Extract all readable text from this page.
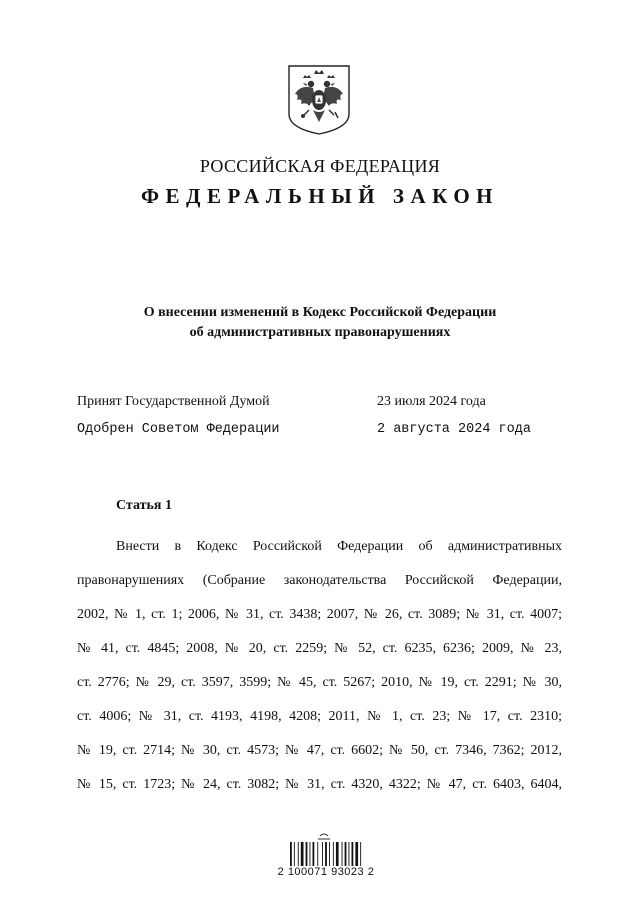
РОССИЙСКАЯ ФЕДЕРАЦИЯ
ФЕДЕРАЛЬНЫЙ ЗАКОН
О внесении изменений в Кодекс Российской Федерации
об административных правонарушениях
Принят Государственной Думой	23 июля 2024 года
Одобрен Советом Федерации	2 августа 2024 года
Статья 1
Внести в Кодекс Российской Федерации об административных
правонарушениях (Собрание законодательства Российской Федерации,
2002, № 1, ст. 1; 2006, № 31, ст. 3438; 2007, № 26, ст. 3089; № 31, ст. 4007;
№ 41, ст. 4845; 2008, № 20, ст. 2259; № 52, ст. 6235, 6236; 2009, № 23,
ст. 2776; № 29, ст. 3597, 3599; № 45, ст. 5267; 2010, № 19, ст. 2291; № 30,
ст. 4006; № 31, ст. 4193, 4198, 4208; 2011, № 1, ст. 23; № 17, ст. 2310;
№ 19, ст. 2714; № 30, ст. 4573; № 47, ст. 6602; № 50, ст. 7346, 7362; 2012,
№ 15, ст. 1723; № 24, ст. 3082; № 31, ст. 4320, 4322; № 47, ст. 6403, 6404,
2 100071 93023 2
